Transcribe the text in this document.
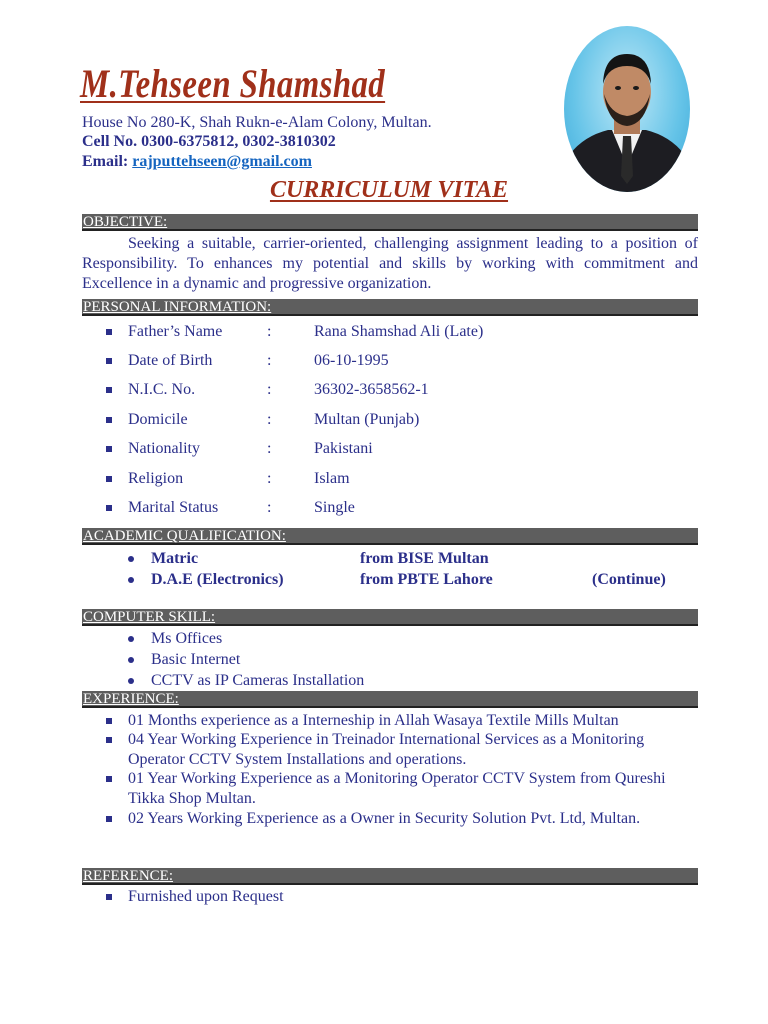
M.Tehseen Shamshad
House No 280-K, Shah Rukn-e-Alam Colony, Multan.
Cell No. 0300-6375812, 0302-3810302
Email: rajputtehseen@gmail.com
CURRICULUM VITAE
OBJECTIVE:
Seeking a suitable, carrier-oriented, challenging assignment leading to a position of Responsibility. To enhances my potential and skills by working with commitment and Excellence in a dynamic and progressive organization.
PERSONAL INFORMATION:
Father’s Name	:	Rana Shamshad Ali (Late)
Date of Birth	:	06-10-1995
N.I.C. No.	:	36302-3658562-1
Domicile	:	Multan (Punjab)
Nationality	:	Pakistani
Religion	:	Islam
Marital Status	:	Single
ACADEMIC QUALIFICATION:
Matric	from BISE Multan
D.A.E (Electronics)	from PBTE Lahore	(Continue)
COMPUTER SKILL:
Ms Offices
Basic Internet
CCTV as IP Cameras Installation
EXPERIENCE:
01 Months experience as a Interneship in Allah Wasaya Textile Mills Multan
04 Year Working Experience in Treinador International Services as a Monitoring Operator CCTV System Installations and operations.
01 Year Working Experience as a Monitoring Operator CCTV System from Qureshi Tikka Shop Multan.
02 Years Working Experience as a Owner in Security Solution Pvt. Ltd, Multan.
REFERENCE:
Furnished upon Request
